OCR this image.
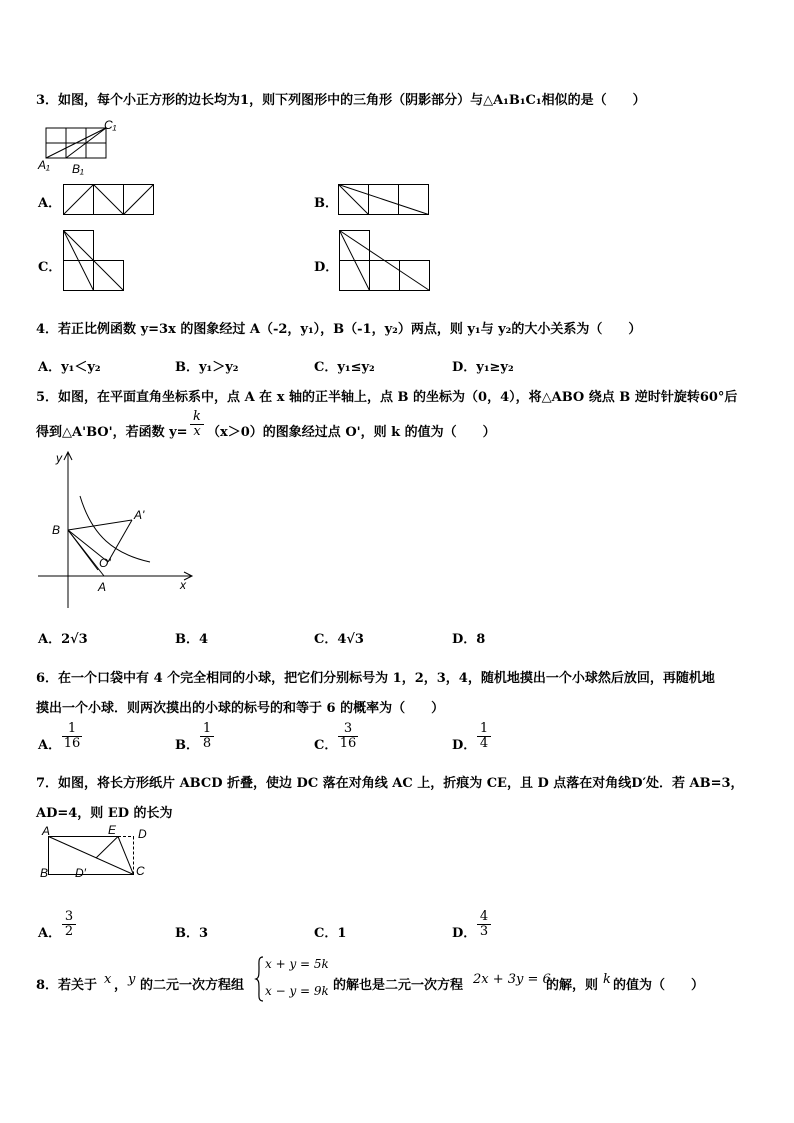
3．如图，每个小正方形的边长均为1，则下列图形中的三角形（阴影部分）与△A₁B₁C₁相似的是（　　）
C₁
A₁ B₁
A．	B．
C．	D．
4．若正比例函数 y=3x 的图象经过 A（-2，y₁），B（-1，y₂）两点，则 y₁与 y₂的大小关系为（　　）
A．y₁＜y₂	B．y₁＞y₂	C．y₁≤y₂	D．y₁≥y₂
5．如图，在平面直角坐标系中，点 A 在 x 轴的正半轴上，点 B 的坐标为（0，4），将△ABO 绕点 B 逆时针旋转60°后
得到△A'BO'，若函数 $y= \frac{k}{x} (x>0)$的图象经过点 O'，则 k 的值为（　　）
y
x
B
A
A'
O'
A．2√3	B．4	C．4√3	D．8
6．在一个口袋中有 4 个完全相同的小球，把它们分别标号为 1，2，3，4，随机地摸出一个小球然后放回，再随机地
摸出一个小球．则两次摸出的小球的标号的和等于 6 的概率为（　　）
A． $\frac{1}{16}$	B． $\frac{1}{8}$	C． $\frac{3}{16}$	D． $\frac{1}{4}$
7．如图，将长方形纸片 ABCD 折叠，使边 DC 落在对角线 AC 上，折痕为 CE，且 D 点落在对角线D′处．若 AB=3，
AD=4，则 ED 的长为
A	E D
D′
B	C
A． $\frac{3}{2}$	B．3	C．1	D． $\frac{4}{3}$
8．若关于 x ， y 的二元一次方程组
x + y = 5k
x − y = 9k 的解也是二元一次方程 2x + 3y = 6
的解，则 k 的值为（　　）
